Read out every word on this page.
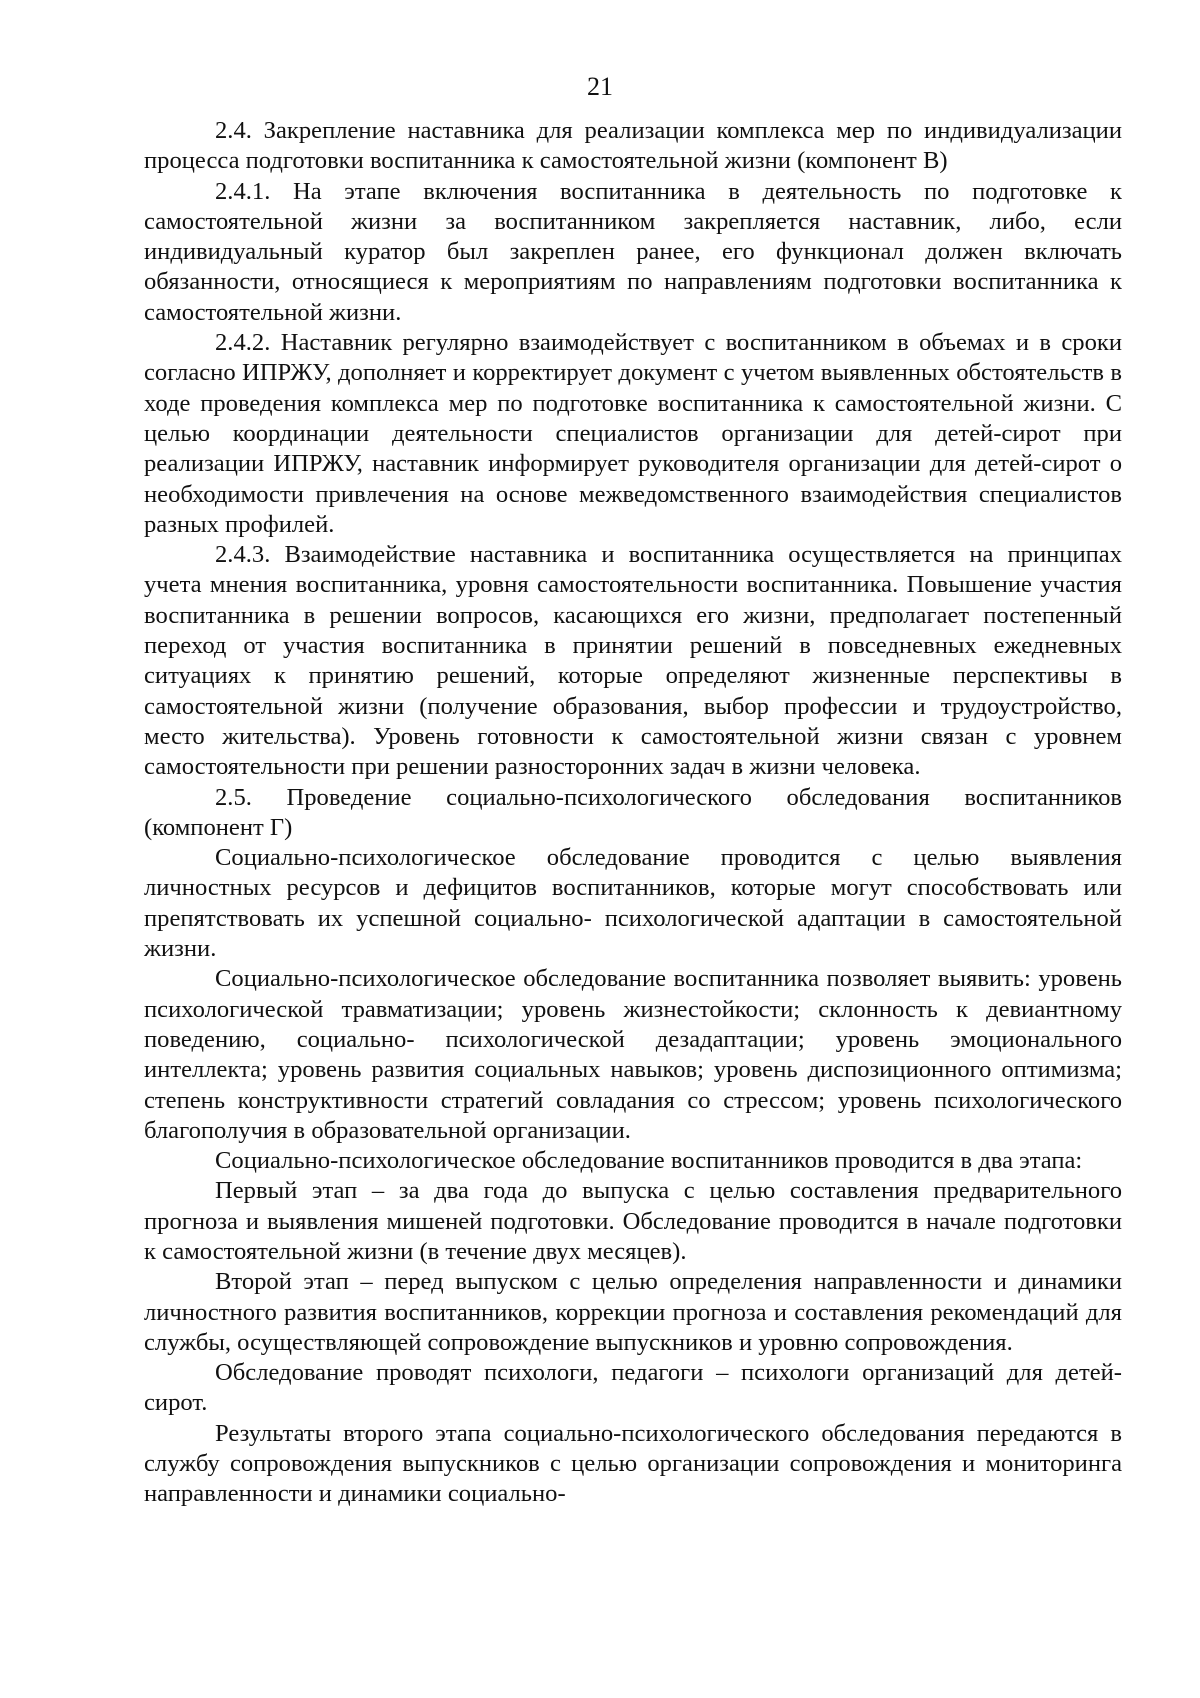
21

2.4. Закрепление наставника для реализации комплекса мер по индивидуализации процесса подготовки воспитанника к самостоятельной жизни (компонент В)

2.4.1. На этапе включения воспитанника в деятельность по подготовке к самостоятельной жизни за воспитанником закрепляется наставник, либо, если индивидуальный куратор был закреплен ранее, его функционал должен включать обязанности, относящиеся к мероприятиям по направлениям подготовки воспитанника к самостоятельной жизни.

2.4.2. Наставник регулярно взаимодействует с воспитанником в объемах и в сроки согласно ИПРЖУ, дополняет и корректирует документ с учетом выявленных обстоятельств в ходе проведения комплекса мер по подготовке воспитанника к самостоятельной жизни. С целью координации деятельности специалистов организации для детей-сирот при реализации ИПРЖУ, наставник информирует руководителя организации для детей-сирот о необходимости привлечения на основе межведомственного взаимодействия специалистов разных профилей.

2.4.3. Взаимодействие наставника и воспитанника осуществляется на принципах учета мнения воспитанника, уровня самостоятельности воспитанника. Повышение участия воспитанника в решении вопросов, касающихся его жизни, предполагает постепенный переход от участия воспитанника в принятии решений в повседневных ежедневных ситуациях к принятию решений, которые определяют жизненные перспективы в самостоятельной жизни (получение образования, выбор профессии и трудоустройство, место жительства). Уровень готовности к самостоятельной жизни связан с уровнем самостоятельности при решении разносторонних задач в жизни человека.

2.5. Проведение социально-психологического обследования воспитанников (компонент Г)

Социально-психологическое обследование проводится с целью выявления личностных ресурсов и дефицитов воспитанников, которые могут способствовать или препятствовать их успешной социально- психологической адаптации в самостоятельной жизни.

Социально-психологическое обследование воспитанника позволяет выявить: уровень психологической травматизации; уровень жизнестойкости; склонность к девиантному поведению, социально- психологической дезадаптации; уровень эмоционального интеллекта; уровень развития социальных навыков; уровень диспозиционного оптимизма; степень конструктивности стратегий совладания со стрессом; уровень психологического благополучия в образовательной организации.

Социально-психологическое обследование воспитанников проводится в два этапа:

Первый этап – за два года до выпуска с целью составления предварительного прогноза и выявления мишеней подготовки. Обследование проводится в начале подготовки к самостоятельной жизни (в течение двух месяцев).

Второй этап – перед выпуском с целью определения направленности и динамики личностного развития воспитанников, коррекции прогноза и составления рекомендаций для службы, осуществляющей сопровождение выпускников и уровню сопровождения.

Обследование проводят психологи, педагоги – психологи организаций для детей-сирот.

Результаты второго этапа социально-психологического обследования передаются в службу сопровождения выпускников с целью организации сопровождения и мониторинга направленности и динамики социально-
